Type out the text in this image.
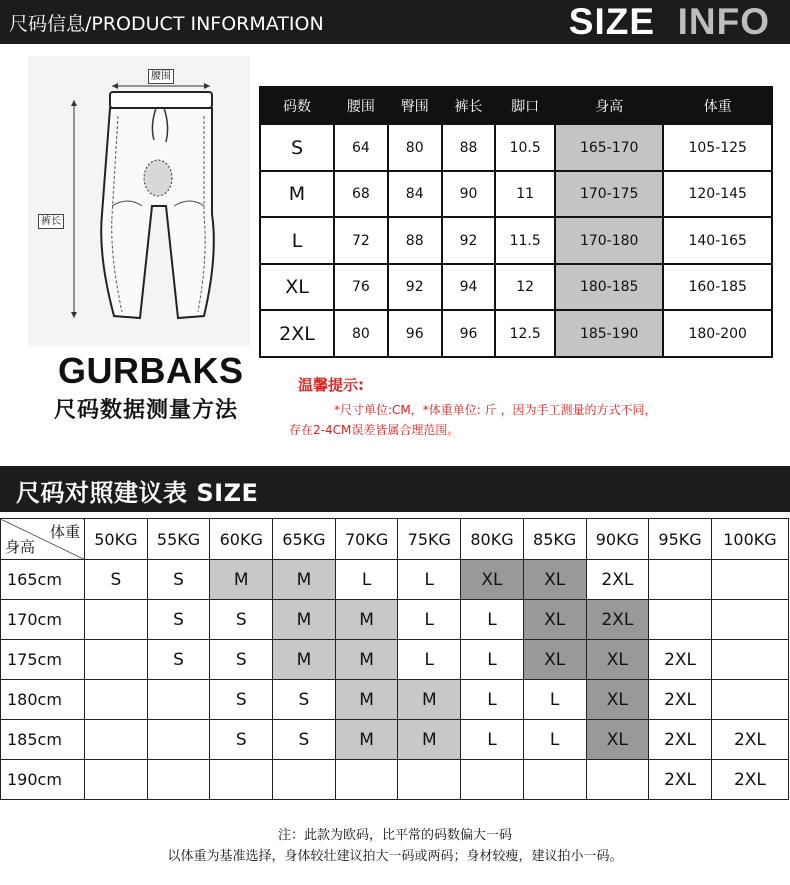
尺码信息/PRODUCT INFORMATION	SIZE INFO
腰围
裤长
GURBAKS
尺码数据测量方法
码数	腰围	臀围	裤长	脚口	身高	体重
S	64	80	88	10.5	165-170	105-125
M	68	84	90	11	170-175	120-145
L	72	88	92	11.5	170-180	140-165
XL	76	92	94	12	180-185	160-185
2XL	80	96	96	12.5	185-190	180-200
温馨提示:
*尺寸单位:CM，*体重单位: 斤 ，因为手工测量的方式不同，
存在2-4CM误差皆属合理范围。
尺码对照建议表 SIZE
体重
身高	50KG	55KG	60KG	65KG	70KG	75KG	80KG	85KG	90KG	95KG	100KG
165cm	S	S	M	M	L	L	XL	XL	2XL		
170cm		S	S	M	M	L	L	XL	2XL		
175cm		S	S	M	M	L	L	XL	XL	2XL	
180cm			S	S	M	M	L	L	XL	2XL	
185cm			S	S	M	M	L	L	XL	2XL	2XL
190cm										2XL	2XL
注：此款为欧码，比平常的码数偏大一码
以体重为基准选择，身体较壮建议拍大一码或两码；身材较瘦，建议拍小一码。
